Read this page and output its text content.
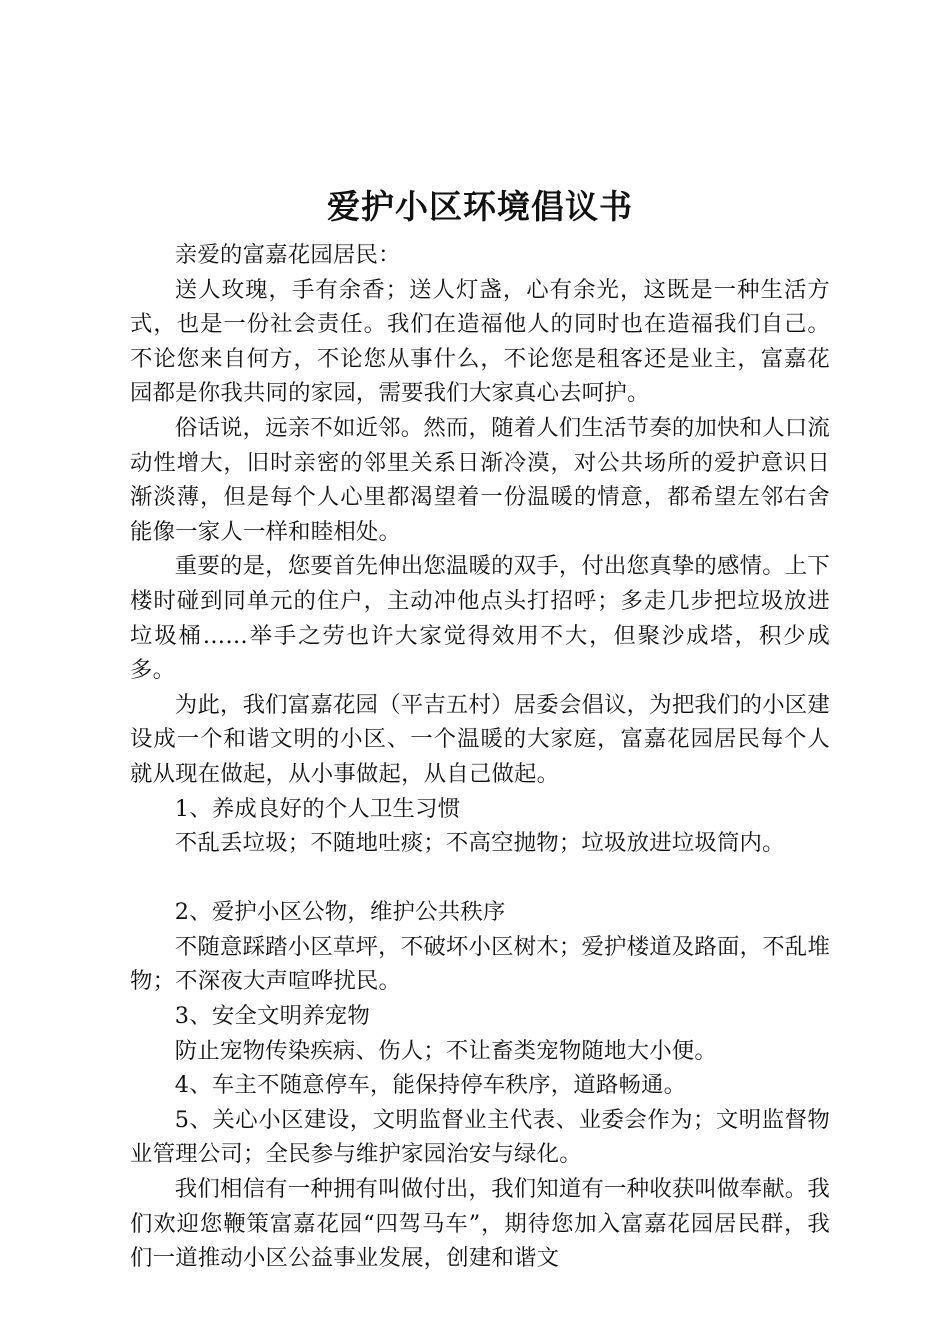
爱护小区环境倡议书

亲爱的富嘉花园居民：

送人玫瑰，手有余香；送人灯盏，心有余光，这既是一种生活方式，也是一份社会责任。我们在造福他人的同时也在造福我们自己。不论您来自何方，不论您从事什么，不论您是租客还是业主，富嘉花园都是你我共同的家园，需要我们大家真心去呵护。

俗话说，远亲不如近邻。然而，随着人们生活节奏的加快和人口流动性增大，旧时亲密的邻里关系日渐冷漠，对公共场所的爱护意识日渐淡薄，但是每个人心里都渴望着一份温暖的情意，都希望左邻右舍能像一家人一样和睦相处。

重要的是，您要首先伸出您温暖的双手，付出您真挚的感情。上下楼时碰到同单元的住户，主动冲他点头打招呼；多走几步把垃圾放进垃圾桶……举手之劳也许大家觉得效用不大，但聚沙成塔，积少成多。

为此，我们富嘉花园（平吉五村）居委会倡议，为把我们的小区建设成一个和谐文明的小区、一个温暖的大家庭，富嘉花园居民每个人就从现在做起，从小事做起，从自己做起。

1、养成良好的个人卫生习惯

不乱丢垃圾；不随地吐痰；不高空抛物；垃圾放进垃圾筒内。

2、爱护小区公物，维护公共秩序

不随意踩踏小区草坪，不破坏小区树木；爱护楼道及路面，不乱堆物；不深夜大声喧哗扰民。

3、安全文明养宠物

防止宠物传染疾病、伤人；不让畜类宠物随地大小便。

4、车主不随意停车，能保持停车秩序，道路畅通。

5、关心小区建设，文明监督业主代表、业委会作为；文明监督物业管理公司；全民参与维护家园治安与绿化。

我们相信有一种拥有叫做付出，我们知道有一种收获叫做奉献。我们欢迎您鞭策富嘉花园“四驾马车”，期待您加入富嘉花园居民群，我们一道推动小区公益事业发展，创建和谐文
